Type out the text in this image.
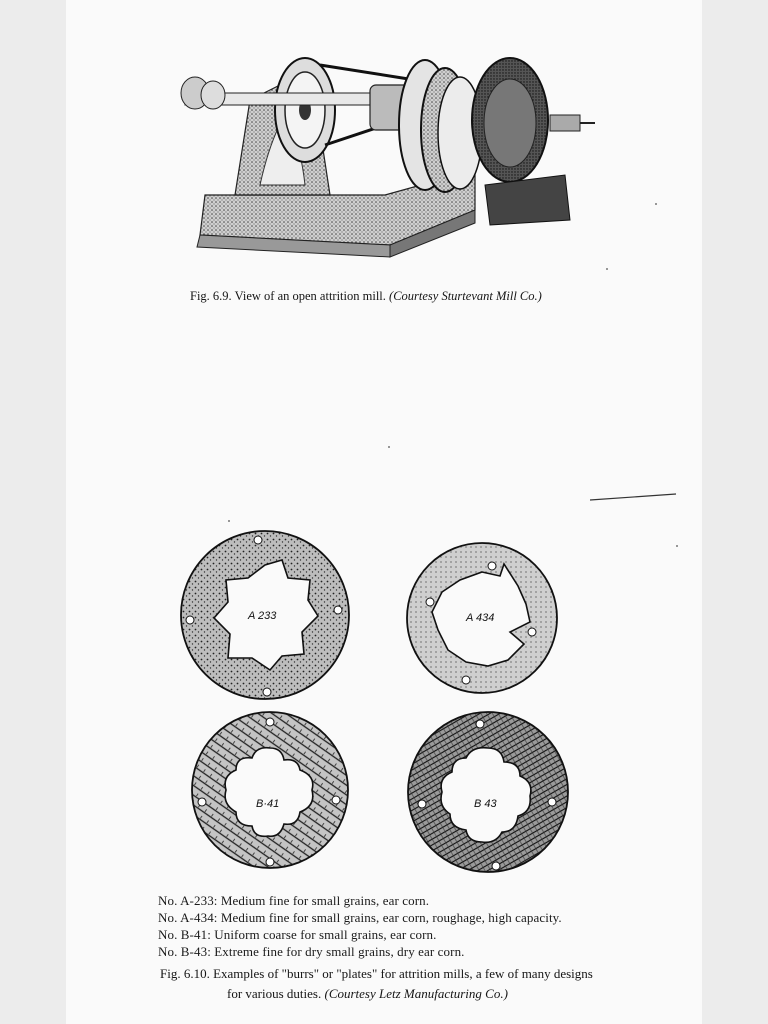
Fig. 6.9. View of an open attrition mill. (Courtesy Sturtevant Mill Co.)
A 233	A 434
B·41	B 43
No. A-233: Medium fine for small grains, ear corn.
No. A-434: Medium fine for small grains, ear corn, roughage, high capacity.
No. B-41: Uniform coarse for small grains, ear corn.
No. B-43: Extreme fine for dry small grains, dry ear corn.
Fig. 6.10. Examples of "burrs" or "plates" for attrition mills, a few of many designs
for various duties. (Courtesy Letz Manufacturing Co.)
